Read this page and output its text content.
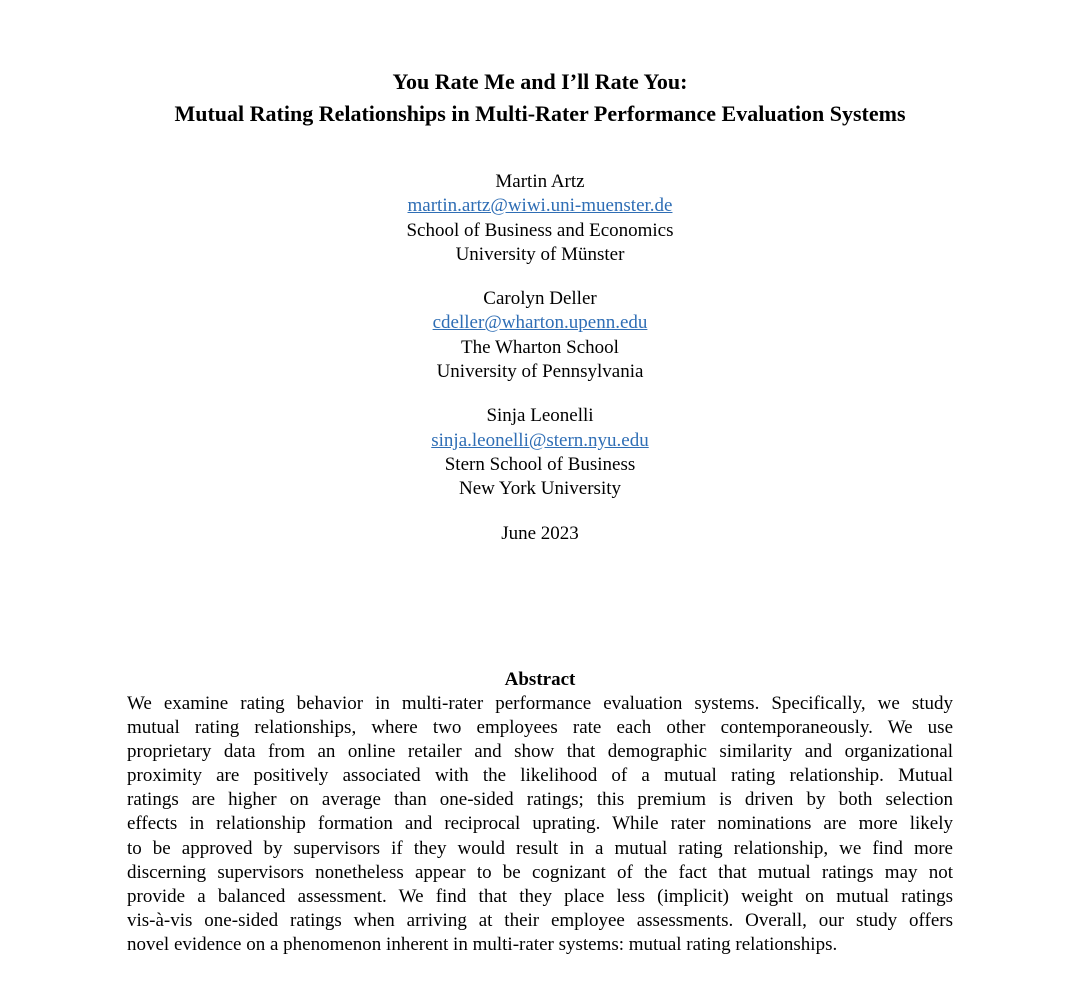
You Rate Me and I’ll Rate You:
Mutual Rating Relationships in Multi-Rater Performance Evaluation Systems
Martin Artz
martin.artz@wiwi.uni-muenster.de
School of Business and Economics
University of Münster
Carolyn Deller
cdeller@wharton.upenn.edu
The Wharton School
University of Pennsylvania
Sinja Leonelli
sinja.leonelli@stern.nyu.edu
Stern School of Business
New York University
June 2023
Abstract
We examine rating behavior in multi-rater performance evaluation systems. Specifically, we study
mutual rating relationships, where two employees rate each other contemporaneously. We use
proprietary data from an online retailer and show that demographic similarity and organizational
proximity are positively associated with the likelihood of a mutual rating relationship. Mutual
ratings are higher on average than one-sided ratings; this premium is driven by both selection
effects in relationship formation and reciprocal uprating. While rater nominations are more likely
to be approved by supervisors if they would result in a mutual rating relationship, we find more
discerning supervisors nonetheless appear to be cognizant of the fact that mutual ratings may not
provide a balanced assessment. We find that they place less (implicit) weight on mutual ratings
vis-à-vis one-sided ratings when arriving at their employee assessments. Overall, our study offers
novel evidence on a phenomenon inherent in multi-rater systems: mutual rating relationships.
